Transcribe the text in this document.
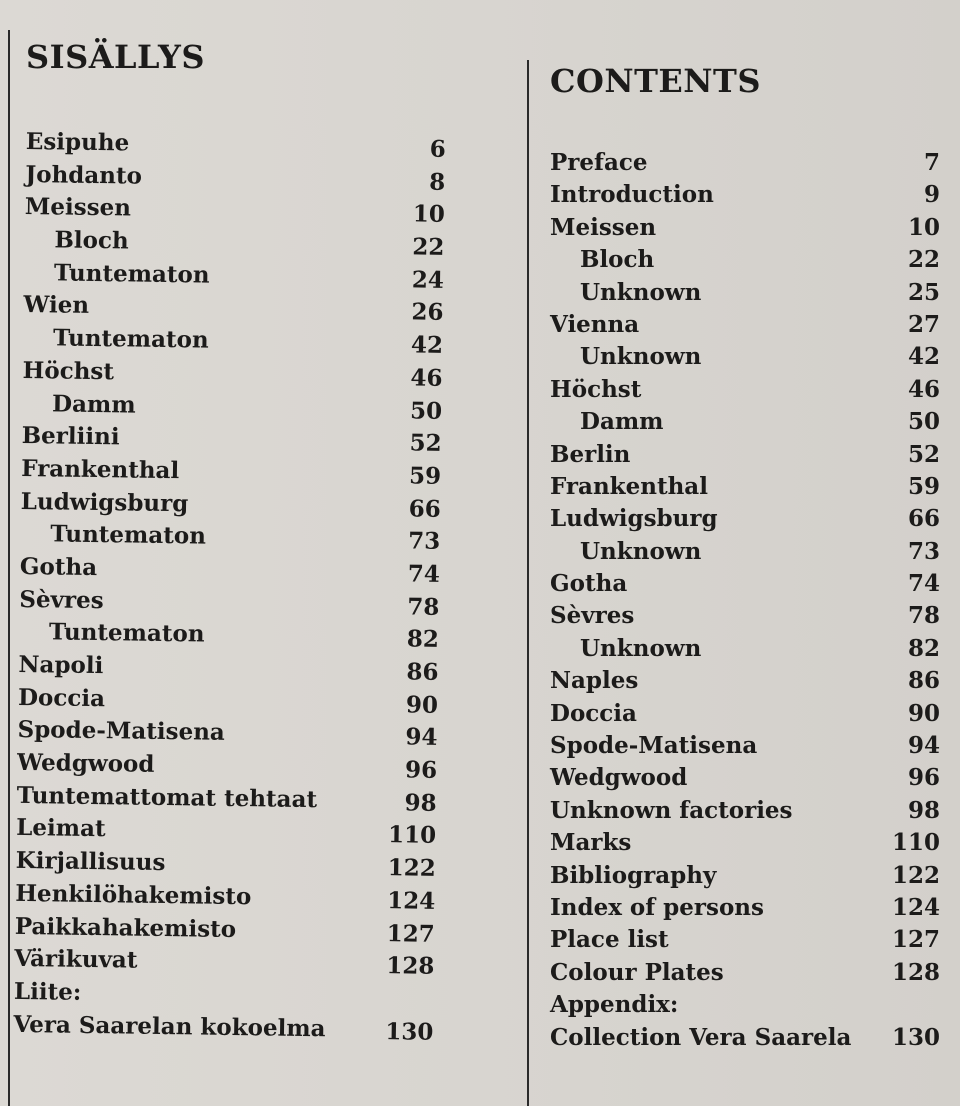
SISÄLLYS
Esipuhe	6
Johdanto	8
Meissen	10
Bloch	22
Tuntematon	24
Wien	26
Tuntematon	42
Höchst	46
Damm	50
Berliini	52
Frankenthal	59
Ludwigsburg	66
Tuntematon	73
Gotha	74
Sèvres	78
Tuntematon	82
Napoli	86
Doccia	90
Spode-Matisena	94
Wedgwood	96
Tuntemattomat tehtaat	98
Leimat	110
Kirjallisuus	122
Henkilöhakemisto	124
Paikkahakemisto	127
Värikuvat	128
Liite:
Vera Saarelan kokoelma	130
CONTENTS
Preface	7
Introduction	9
Meissen	10
Bloch	22
Unknown	25
Vienna	27
Unknown	42
Höchst	46
Damm	50
Berlin	52
Frankenthal	59
Ludwigsburg	66
Unknown	73
Gotha	74
Sèvres	78
Unknown	82
Naples	86
Doccia	90
Spode-Matisena	94
Wedgwood	96
Unknown factories	98
Marks	110
Bibliography	122
Index of persons	124
Place list	127
Colour Plates	128
Appendix:
Collection Vera Saarela 130
